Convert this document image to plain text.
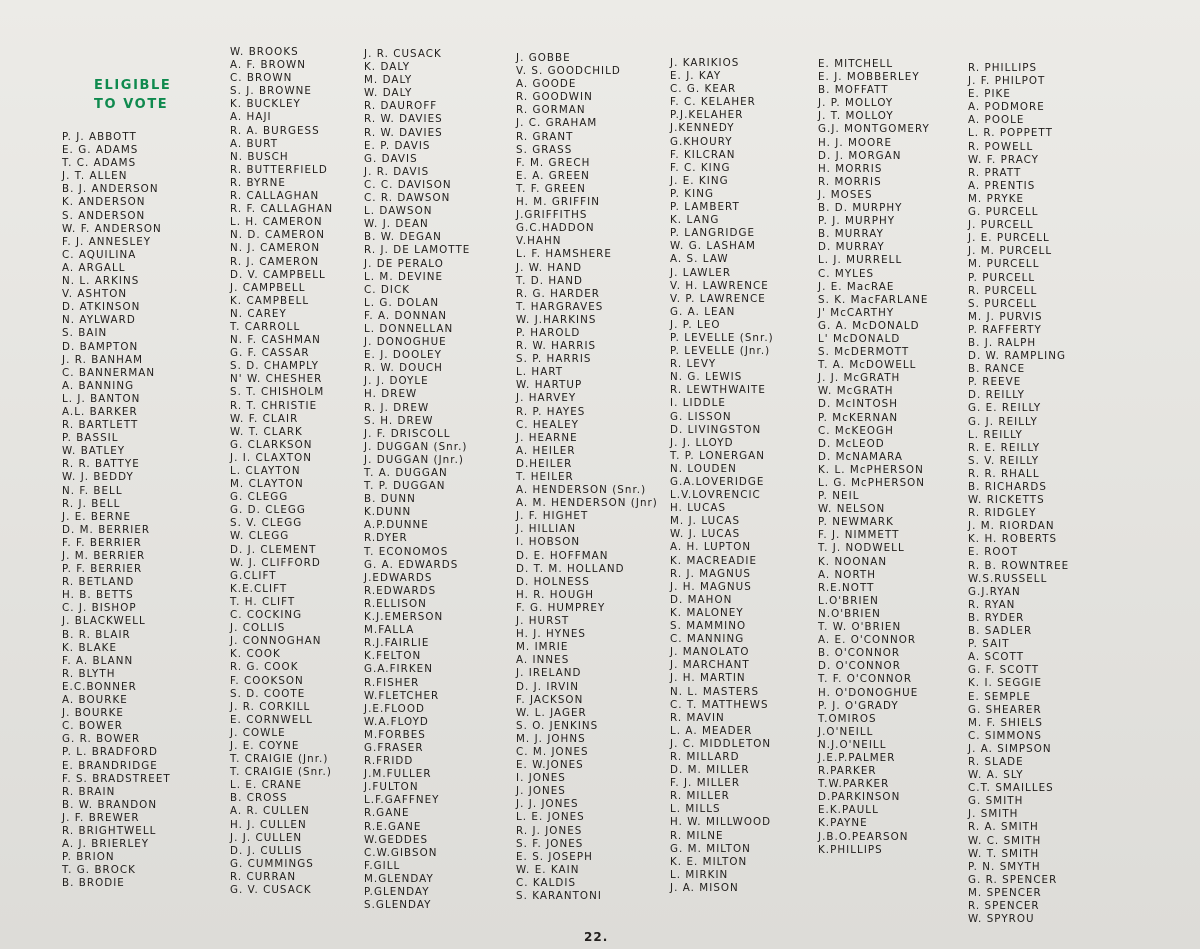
ELIGIBLE
TO VOTE
P. J. ABBOTT
E. G. ADAMS
T. C. ADAMS
J. T. ALLEN
B. J. ANDERSON
K. ANDERSON
S. ANDERSON
W. F. ANDERSON
F. J. ANNESLEY
C. AQUILINA
A. ARGALL
N. L. ARKINS
V. ASHTON
D. ATKINSON
N. AYLWARD
S. BAIN
D. BAMPTON
J. R. BANHAM
C. BANNERMAN
A. BANNING
L. J. BANTON
A.L. BARKER
R. BARTLETT
P. BASSIL
W. BATLEY
R. R. BATTYE
W. J. BEDDY
N. F. BELL
R. J. BELL
J. E. BERNE
D. M. BERRIER
F. F. BERRIER
J. M. BERRIER
P. F. BERRIER
R. BETLAND
H. B. BETTS
C. J. BISHOP
J. BLACKWELL
B. R. BLAIR
K. BLAKE
F. A. BLANN
R. BLYTH
E.C.BONNER
A. BOURKE
J. BOURKE
C. BOWER
G. R. BOWER
P. L. BRADFORD
E. BRANDRIDGE
F. S. BRADSTREET
R. BRAIN
B. W. BRANDON
J. F. BREWER
R. BRIGHTWELL
A. J. BRIERLEY
P. BRION
T. G. BROCK
B. BRODIE
W. BROOKS
A. F. BROWN
C. BROWN
S. J. BROWNE
K. BUCKLEY
A. HAJI
R. A. BURGESS
A. BURT
N. BUSCH
R. BUTTERFIELD
R. BYRNE
R. CALLAGHAN
R. F. CALLAGHAN
L. H. CAMERON
N. D. CAMERON
N. J. CAMERON
R. J. CAMERON
D. V. CAMPBELL
J. CAMPBELL
K. CAMPBELL
N. CAREY
T. CARROLL
N. F. CASHMAN
G. F. CASSAR
S. D. CHAMPLY
N' W. CHESHER
S. T. CHISHOLM
R. T. CHRISTIE
W. F. CLAIR
W. T. CLARK
G. CLARKSON
J. I. CLAXTON
L. CLAYTON
M. CLAYTON
G. CLEGG
G. D. CLEGG
S. V. CLEGG
W. CLEGG
D. J. CLEMENT
W. J. CLIFFORD
G.CLIFT
K.E.CLIFT
T. H. CLIFT
C. COCKING
J. COLLIS
J. CONNOGHAN
K. COOK
R. G. COOK
F. COOKSON
S. D. COOTE
J. R. CORKILL
E. CORNWELL
J. COWLE
J. E. COYNE
T. CRAIGIE (Jnr.)
T. CRAIGIE (Snr.)
L. E. CRANE
B. CROSS
A. R. CULLEN
H. J. CULLEN
J. J. CULLEN
D. J. CULLIS
G. CUMMINGS
R. CURRAN
G. V. CUSACK
J. R. CUSACK
K. DALY
M. DALY
W. DALY
R. DAUROFF
R. W. DAVIES
R. W. DAVIES
E. P. DAVIS
G. DAVIS
J. R. DAVIS
C. C. DAVISON
C. R. DAWSON
L. DAWSON
W. J. DEAN
B. W. DEGAN
R. J. DE LAMOTTE
J. DE PERALO
L. M. DEVINE
C. DICK
L. G. DOLAN
F. A. DONNAN
L. DONNELLAN
J. DONOGHUE
E. J. DOOLEY
R. W. DOUCH
J. J. DOYLE
H. DREW
R. J. DREW
S. H. DREW
J. F. DRISCOLL
J. DUGGAN (Snr.)
J. DUGGAN (Jnr.)
T. A. DUGGAN
T. P. DUGGAN
B. DUNN
K.DUNN
A.P.DUNNE
R.DYER
T. ECONOMOS
G. A. EDWARDS
J.EDWARDS
R.EDWARDS
R.ELLISON
K.J.EMERSON
M.FALLA
R.J.FAIRLIE
K.FELTON
G.A.FIRKEN
R.FISHER
W.FLETCHER
J.E.FLOOD
W.A.FLOYD
M.FORBES
G.FRASER
R.FRIDD
J.M.FULLER
J.FULTON
L.F.GAFFNEY
R.GANE
R.E.GANE
W.GEDDES
C.W.GIBSON
F.GILL
M.GLENDAY
P.GLENDAY
S.GLENDAY
J. GOBBE
V. S. GOODCHILD
A. GOODE
R. GOODWIN
R. GORMAN
J. C. GRAHAM
R. GRANT
S. GRASS
F. M. GRECH
E. A. GREEN
T. F. GREEN
H. M. GRIFFIN
J.GRIFFITHS
G.C.HADDON
V.HAHN
L. F. HAMSHERE
J. W. HAND
T. D. HAND
R. G. HARDER
T. HARGRAVES
W. J.HARKINS
P. HAROLD
R. W. HARRIS
S. P. HARRIS
L. HART
W. HARTUP
J. HARVEY
R. P. HAYES
C. HEALEY
J. HEARNE
A. HEILER
D.HEILER
T. HEILER
A. HENDERSON (Snr.)
A. M. HENDERSON (Jnr)
J. F. HIGHET
J. HILLIAN
I. HOBSON
D. E. HOFFMAN
D. T. M. HOLLAND
D. HOLNESS
H. R. HOUGH
F. G. HUMPREY
J. HURST
H. J. HYNES
M. IMRIE
A. INNES
J. IRELAND
D. J. IRVIN
F. JACKSON
W. L. JAGER
S. O. JENKINS
M. J. JOHNS
C. M. JONES
E. W.JONES
I. JONES
J. JONES
J. J. JONES
L. E. JONES
R. J. JONES
S. F. JONES
E. S. JOSEPH
W. E. KAIN
C. KALDIS
S. KARANTONI
J. KARIKIOS
E. J. KAY
C. G. KEAR
F. C. KELAHER
P.J.KELAHER
J.KENNEDY
G.KHOURY
F. KILCRAN
F. C. KING
J. E. KING
P. KING
P. LAMBERT
K. LANG
P. LANGRIDGE
W. G. LASHAM
A. S. LAW
J. LAWLER
V. H. LAWRENCE
V. P. LAWRENCE
G. A. LEAN
J. P. LEO
P. LEVELLE (Snr.)
P. LEVELLE (Jnr.)
R. LEVY
N. G. LEWIS
R. LEWTHWAITE
I. LIDDLE
G. LISSON
D. LIVINGSTON
J. J. LLOYD
T. P. LONERGAN
N. LOUDEN
G.A.LOVERIDGE
L.V.LOVRENCIC
H. LUCAS
M. J. LUCAS
W. J. LUCAS
A. H. LUPTON
K. MACREADIE
R. J. MAGNUS
J. H. MAGNUS
D. MAHON
K. MALONEY
S. MAMMINO
C. MANNING
J. MANOLATO
J. MARCHANT
J. H. MARTIN
N. L. MASTERS
C. T. MATTHEWS
R. MAVIN
L. A. MEADER
J. C. MIDDLETON
R. MILLARD
D. M. MILLER
F. J. MILLER
R. MILLER
L. MILLS
H. W. MILLWOOD
R. MILNE
G. M. MILTON
K. E. MILTON
L. MIRKIN
J. A. MISON
E. MITCHELL
E. J. MOBBERLEY
B. MOFFATT
J. P. MOLLOY
J. T. MOLLOY
G.J. MONTGOMERY
H. J. MOORE
D. J. MORGAN
H. MORRIS
R. MORRIS
J. MOSES
B. D. MURPHY
P. J. MURPHY
B. MURRAY
D. MURRAY
L. J. MURRELL
C. MYLES
J. E. MacRAE
S. K. MacFARLANE
J' McCARTHY
G. A. McDONALD
L' McDONALD
S. McDERMOTT
T. A. McDOWELL
J. J. McGRATH
W. McGRATH
D. McINTOSH
P. McKERNAN
C. McKEOGH
D. McLEOD
D. McNAMARA
K. L. McPHERSON
L. G. McPHERSON
P. NEIL
W. NELSON
P. NEWMARK
F. J. NIMMETT
T. J. NODWELL
K. NOONAN
A. NORTH
R.E.NOTT
L.O'BRIEN
N.O'BRIEN
T. W. O'BRIEN
A. E. O'CONNOR
B. O'CONNOR
D. O'CONNOR
T. F. O'CONNOR
H. O'DONOGHUE
P. J. O'GRADY
T.OMIROS
J.O'NEILL
N.J.O'NEILL
J.E.P.PALMER
R.PARKER
T.W.PARKER
D.PARKINSON
E.K.PAULL
K.PAYNE
J.B.O.PEARSON
K.PHILLIPS
R. PHILLIPS
J. F. PHILPOT
E. PIKE
A. PODMORE
A. POOLE
L. R. POPPETT
R. POWELL
W. F. PRACY
R. PRATT
A. PRENTIS
M. PRYKE
G. PURCELL
J. PURCELL
J. E. PURCELL
J. M. PURCELL
M. PURCELL
P. PURCELL
R. PURCELL
S. PURCELL
M. J. PURVIS
P. RAFFERTY
B. J. RALPH
D. W. RAMPLING
B. RANCE
P. REEVE
D. REILLY
G. E. REILLY
G. J. REILLY
L. REILLY
R. E. REILLY
S. V. REILLY
R. R. RHALL
B. RICHARDS
W. RICKETTS
R. RIDGLEY
J. M. RIORDAN
K. H. ROBERTS
E. ROOT
R. B. ROWNTREE
W.S.RUSSELL
G.J.RYAN
R. RYAN
B. RYDER
B. SADLER
P. SAIT
A. SCOTT
G. F. SCOTT
K. I. SEGGIE
E. SEMPLE
G. SHEARER
M. F. SHIELS
C. SIMMONS
J. A. SIMPSON
R. SLADE
W. A. SLY
C.T. SMAILLES
G. SMITH
J. SMITH
R. A. SMITH
W. C. SMITH
W. T. SMITH
P. N. SMYTH
G. R. SPENCER
M. SPENCER
R. SPENCER
W. SPYROU
22.
